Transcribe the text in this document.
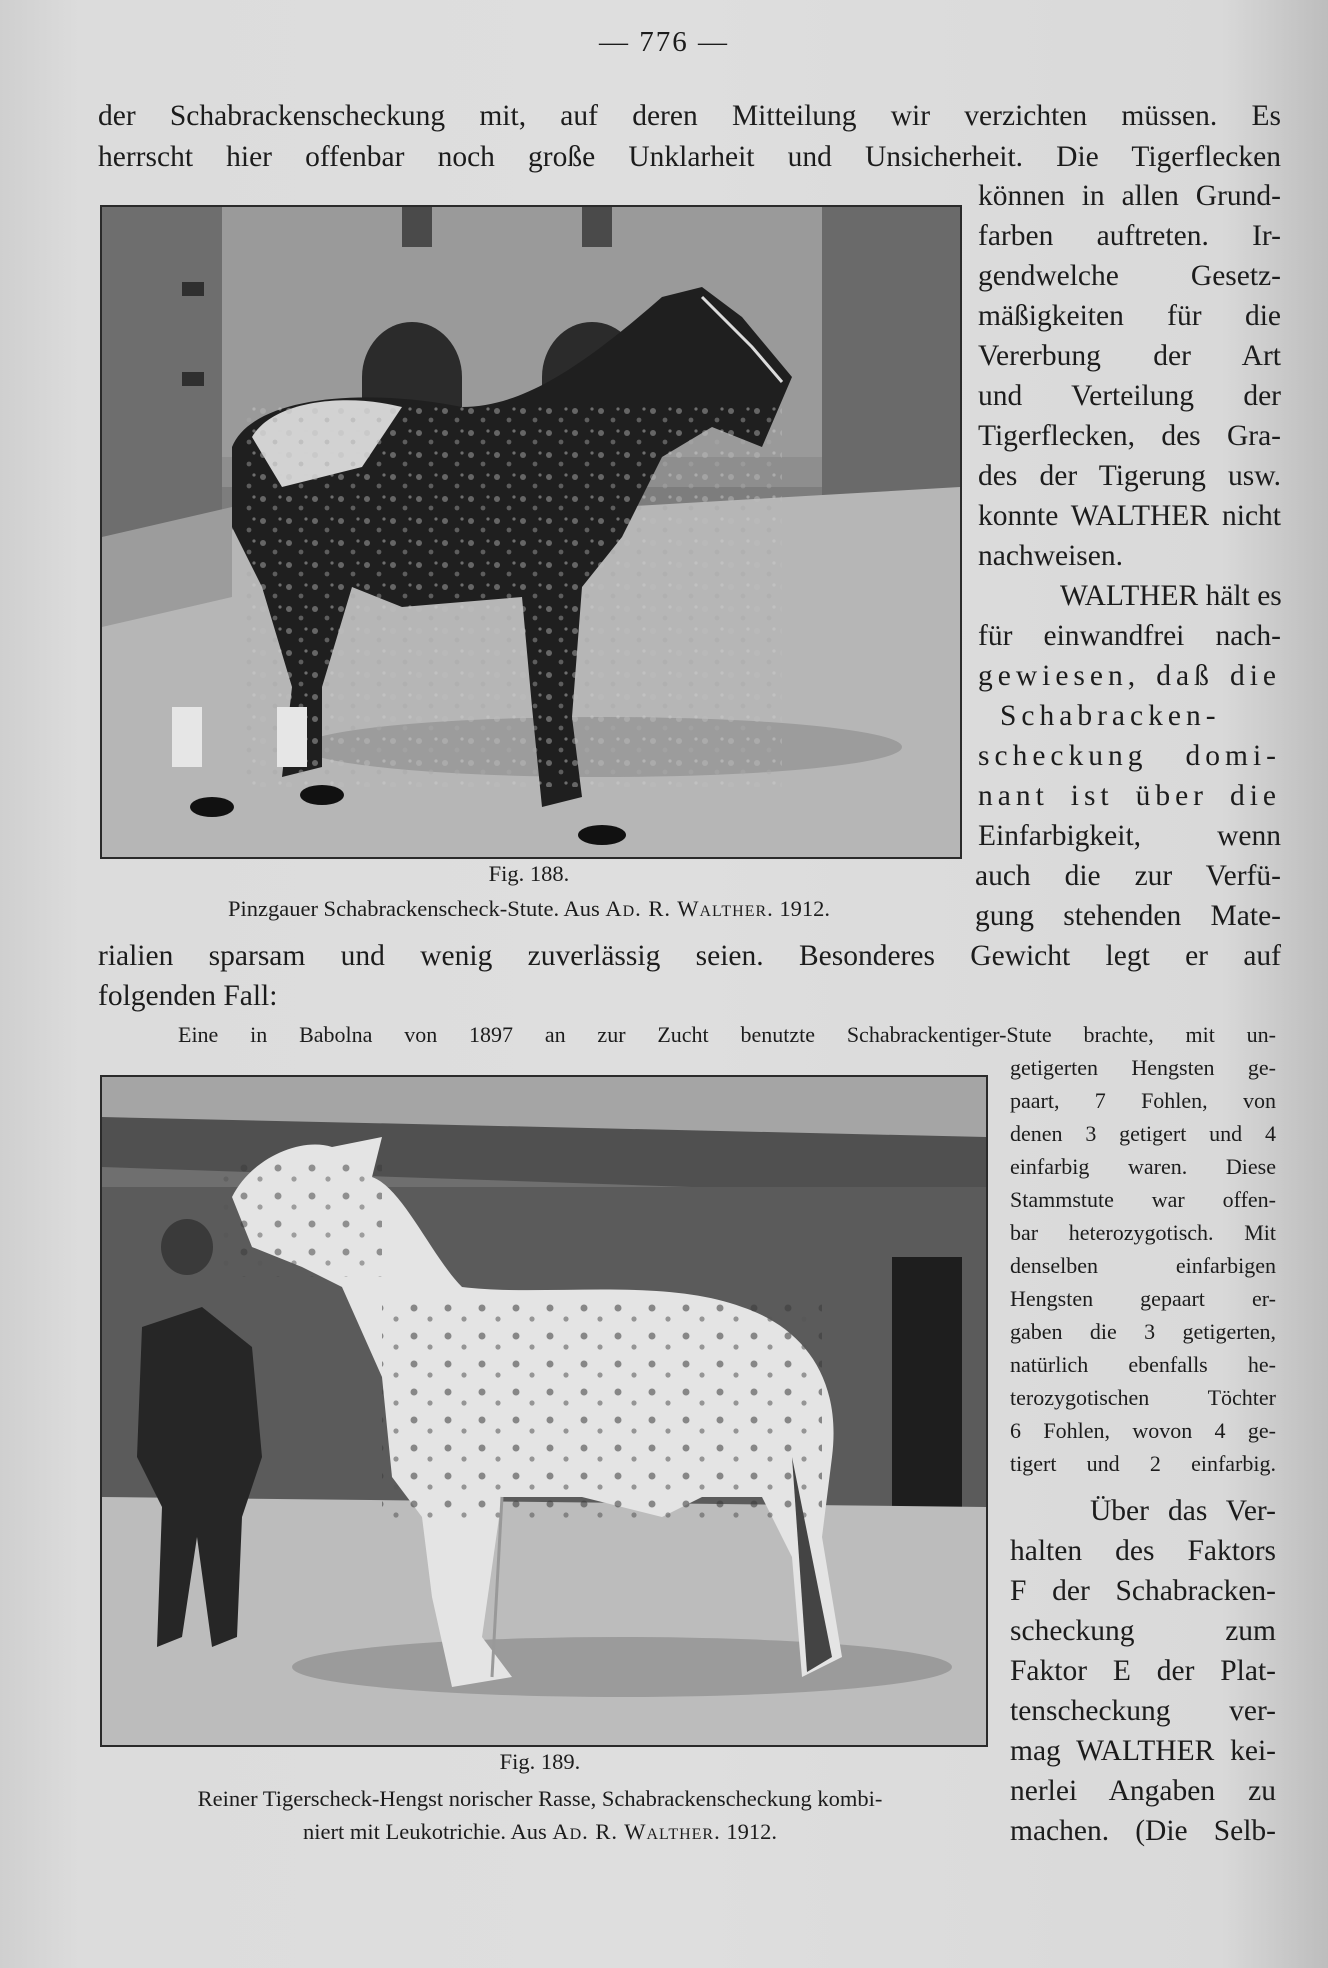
— 776 —
der Schabrackenscheckung mit, auf deren Mitteilung wir verzichten müssen. Es
herrscht hier offenbar noch große Unklarheit und Unsicherheit. Die Tigerflecken
können in allen Grund-
farben auftreten. Ir-
gendwelche Gesetz-
mäßigkeiten für die
Vererbung der Art
und Verteilung der
Tigerflecken, des Gra-
des der Tigerung usw.
konnte WALTHER nicht
nachweisen.
WALTHER hält es
für einwandfrei nach-
gewiesen, daß die
Schabracken-
scheckung domi-
nant ist über die
Einfarbigkeit, wenn
auch die zur Verfü-
gung stehenden Mate-
Fig. 188.
Pinzgauer Schabrackenscheck-Stute. Aus Ad. R. Walther. 1912.
rialien sparsam und wenig zuverlässig seien. Besonderes Gewicht legt er auf
folgenden Fall:
Eine in Babolna von 1897 an zur Zucht benutzte Schabrackentiger-Stute brachte, mit un-
getigerten Hengsten ge-
paart, 7 Fohlen, von
denen 3 getigert und 4
einfarbig waren. Diese
Stammstute war offen-
bar heterozygotisch. Mit
denselben einfarbigen
Hengsten gepaart er-
gaben die 3 getigerten,
natürlich ebenfalls he-
terozygotischen Töchter
6 Fohlen, wovon 4 ge-
tigert und 2 einfarbig.
Über das Ver-
halten des Faktors
F der Schabracken-
scheckung zum
Faktor E der Plat-
tenscheckung ver-
mag WALTHER kei-
nerlei Angaben zu
machen. (Die Selb-
Fig. 189.
Reiner Tigerscheck-Hengst norischer Rasse, Schabrackenscheckung kombi-
niert mit Leukotrichie. Aus Ad. R. Walther. 1912.
